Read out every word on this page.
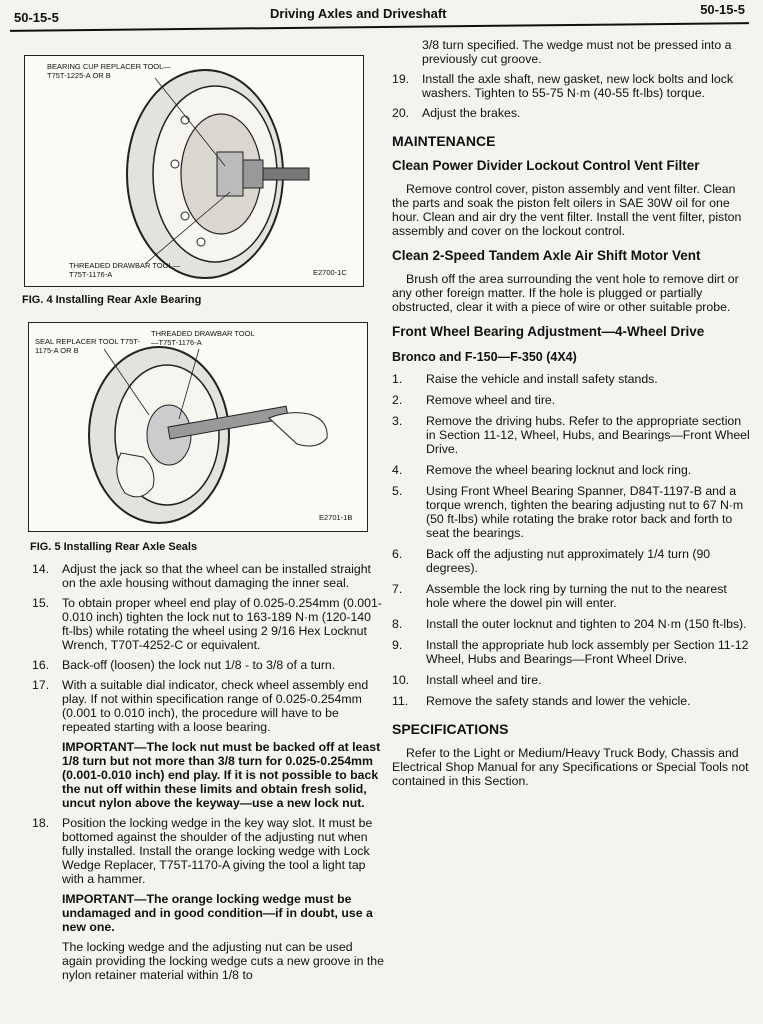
50-15-5	Driving Axles and Driveshaft	50-15-5
BEARING CUP REPLACER TOOL—T75T-1225-A OR B
THREADED DRAWBAR TOOL—T75T-1176-A	E2700-1C
FIG. 4 Installing Rear Axle Bearing
SEAL REPLACER TOOL T75T-1175-A OR B
THREADED DRAWBAR TOOL—T75T-1176-A
E2701-1B
FIG. 5 Installing Rear Axle Seals
14.	Adjust the jack so that the wheel can be installed straight on the axle housing without damaging the inner seal.
15.	To obtain proper wheel end play of 0.025-0.254mm (0.001-0.010 inch) tighten the lock nut to 163-189 N·m (120-140 ft-lbs) while rotating the wheel using 2 9/16 Hex Locknut Wrench, T70T-4252-C or equivalent.
16.	Back-off (loosen) the lock nut 1/8 - to 3/8 of a turn.
17.	With a suitable dial indicator, check wheel assembly end play. If not within specification range of 0.025-0.254mm (0.001 to 0.010 inch), the procedure will have to be repeated starting with a loose bearing.
IMPORTANT—The lock nut must be backed off at least 1/8 turn but not more than 3/8 turn for 0.025-0.254mm (0.001-0.010 inch) end play. If it is not possible to back the nut off within these limits and obtain fresh solid, uncut nylon above the keyway—use a new lock nut.
18.	Position the locking wedge in the key way slot. It must be bottomed against the shoulder of the adjusting nut when fully installed. Install the orange locking wedge with Lock Wedge Replacer, T75T-1170-A giving the tool a light tap with a hammer.
IMPORTANT—The orange locking wedge must be undamaged and in good condition—if in doubt, use a new one.
The locking wedge and the adjusting nut can be used again providing the locking wedge cuts a new groove in the nylon retainer material within 1/8 to
3/8 turn specified. The wedge must not be pressed into a previously cut groove.
19.	Install the axle shaft, new gasket, new lock bolts and lock washers. Tighten to 55-75 N·m (40-55 ft-lbs) torque.
20.	Adjust the brakes.
MAINTENANCE
Clean Power Divider Lockout Control Vent Filter
Remove control cover, piston assembly and vent filter. Clean the parts and soak the piston felt oilers in SAE 30W oil for one hour. Clean and air dry the vent filter. Install the vent filter, piston assembly and cover on the lockout control.
Clean 2-Speed Tandem Axle Air Shift Motor Vent
Brush off the area surrounding the vent hole to remove dirt or any other foreign matter. If the hole is plugged or partially obstructed, clear it with a piece of wire or other suitable probe.
Front Wheel Bearing Adjustment—4-Wheel Drive
Bronco and F-150—F-350 (4X4)
1.	Raise the vehicle and install safety stands.
2.	Remove wheel and tire.
3.	Remove the driving hubs. Refer to the appropriate section in Section 11-12, Wheel, Hubs, and Bearings—Front Wheel Drive.
4.	Remove the wheel bearing locknut and lock ring.
5.	Using Front Wheel Bearing Spanner, D84T-1197-B and a torque wrench, tighten the bearing adjusting nut to 67 N·m (50 ft-lbs) while rotating the brake rotor back and forth to seat the bearings.
6.	Back off the adjusting nut approximately 1/4 turn (90 degrees).
7.	Assemble the lock ring by turning the nut to the nearest hole where the dowel pin will enter.
8.	Install the outer locknut and tighten to 204 N·m (150 ft-lbs).
9.	Install the appropriate hub lock assembly per Section 11-12 Wheel, Hubs and Bearings—Front Wheel Drive.
10.	Install wheel and tire.
11.	Remove the safety stands and lower the vehicle.
SPECIFICATIONS
Refer to the Light or Medium/Heavy Truck Body, Chassis and Electrical Shop Manual for any Specifications or Special Tools not contained in this Section.
